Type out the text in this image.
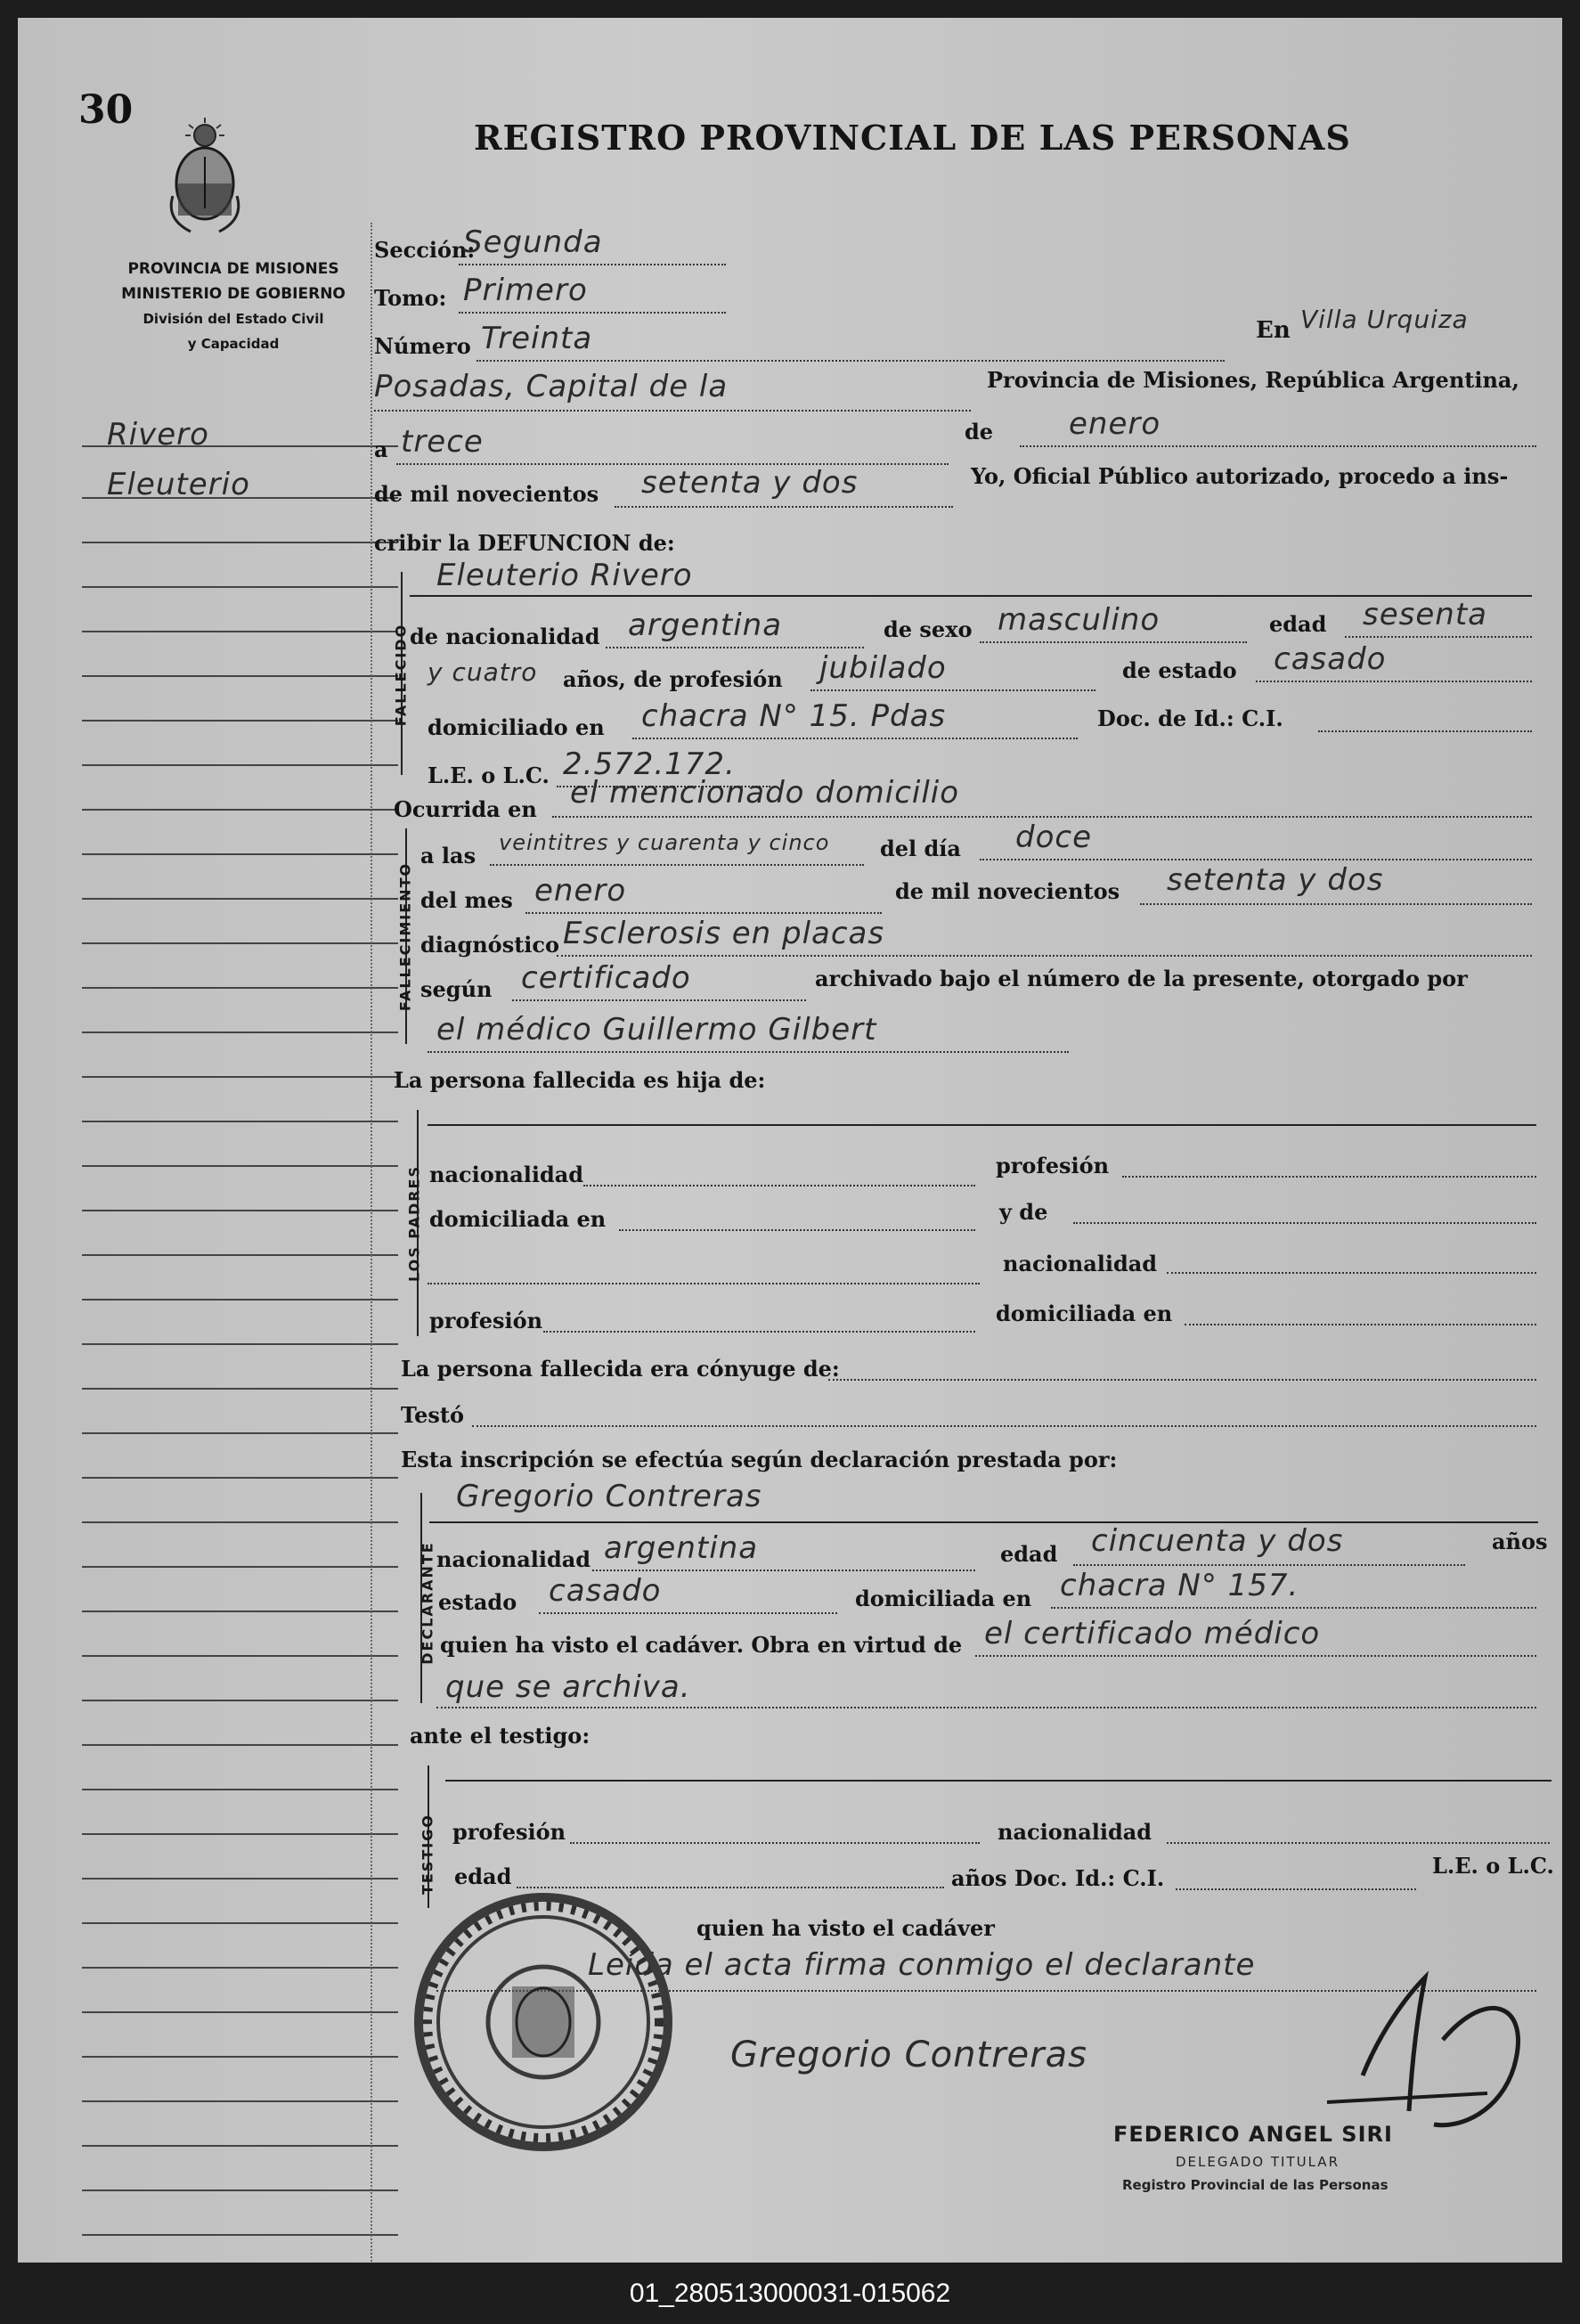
30
REGISTRO PROVINCIAL DE LAS PERSONAS
PROVINCIA DE MISIONES
MINISTERIO DE GOBIERNO
División del Estado Civil
y Capacidad
Rivero
Eleuterio
Sección:
Segunda
Tomo: Primero
Número Treinta	En Villa Urquiza
Posadas, Capital de la	Provincia de Misiones, República Argentina,
a trece	de enero
de mil novecientos setenta y dos	Yo, Oficial Público autorizado, procedo a ins-
cribir la DEFUNCION de:
FALLECIDO
Eleuterio Rivero
de nacionalidad argentina	de sexo masculino	edad sesenta
y cuatro años, de profesión jubilado	de estado casado
domiciliado en chacra N° 15. Pdas	Doc. de Id.: C.I.
L.E. o L.C. 2.572.172.
Ocurrida en el mencionado domicilio
FALLECIMIENTO
a las veintitres y cuarenta y cinco del día doce
del mes enero	de mil novecientos setenta y dos
diagnóstico Esclerosis en placas
según certificado	archivado bajo el número de la presente, otorgado por
el médico Guillermo Gilbert
La persona fallecida es hija de:
LOS PADRES nacionalidad	profesión
domiciliada en	y de
nacionalidad
profesión	domiciliada en
La persona fallecida era cónyuge de:
Testó
Esta inscripción se efectúa según declaración prestada por:
DECLARANTE
Gregorio Contreras
nacionalidad argentina	edad cincuenta y dos	años
estado casado	domiciliada en chacra N° 157.
quien ha visto el cadáver. Obra en virtud de el certificado médico
que se archiva.
ante el testigo:
TESTIGO profesión	nacionalidad
edad	años Doc. Id.: C.I.	L.E. o L.C.
quien ha visto el cadáver
Leída el acta firma conmigo el declarante
Gregorio Contreras
FEDERICO ANGEL SIRI
DELEGADO TITULAR
Registro Provincial de las Personas
01_280513000031-015062
